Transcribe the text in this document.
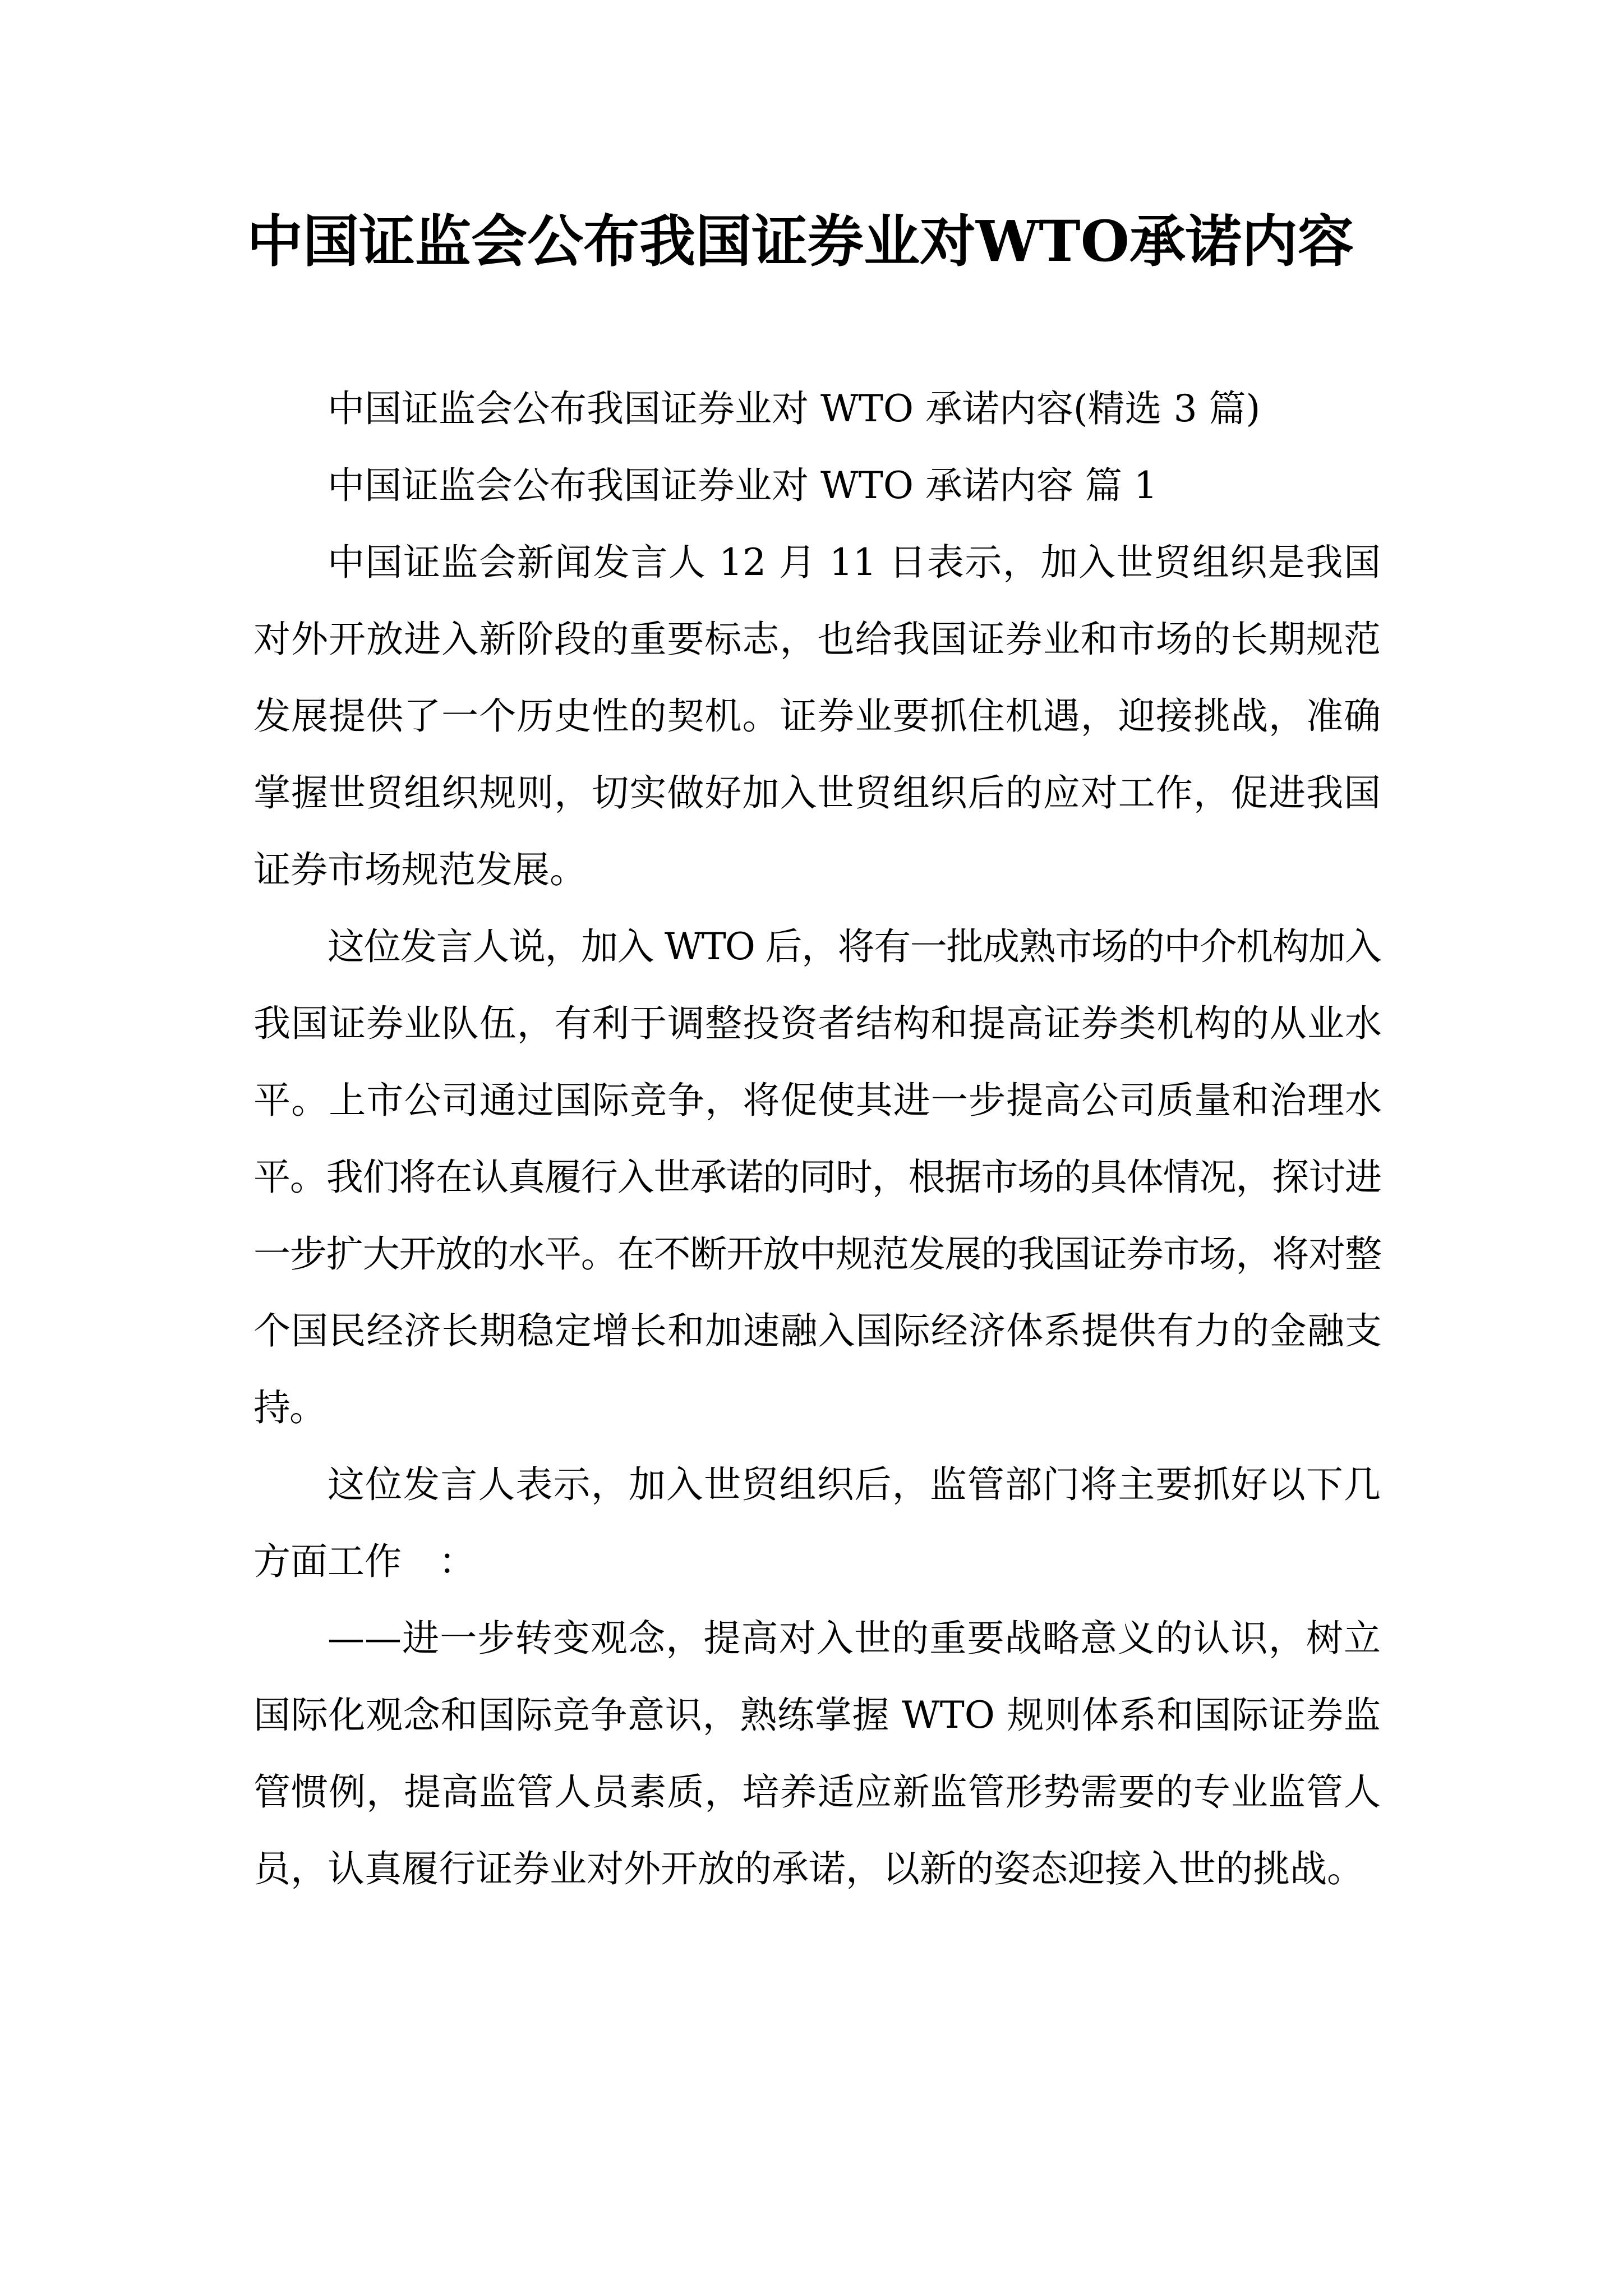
中国证监会公布我国证券业对WTO承诺内容

中国证监会公布我国证券业对 WTO 承诺内容(精选 3 篇)

中国证监会公布我国证券业对 WTO 承诺内容 篇 1

中国证监会新闻发言人 12 月 11 日表示，加入世贸组织是我国对外开放进入新阶段的重要标志，也给我国证券业和市场的长期规范发展提供了一个历史性的契机。证券业要抓住机遇，迎接挑战，准确掌握世贸组织规则，切实做好加入世贸组织后的应对工作，促进我国证券市场规范发展。

这位发言人说，加入 WTO 后，将有一批成熟市场的中介机构加入我国证券业队伍，有利于调整投资者结构和提高证券类机构的从业水平。上市公司通过国际竞争，将促使其进一步提高公司质量和治理水平。我们将在认真履行入世承诺的同时，根据市场的具体情况，探讨进一步扩大开放的水平。在不断开放中规范发展的我国证券市场，将对整个国民经济长期稳定增长和加速融入国际经济体系提供有力的金融支持。

这位发言人表示，加入世贸组织后，监管部门将主要抓好以下几方面工作　：

——进一步转变观念，提高对入世的重要战略意义的认识，树立国际化观念和国际竞争意识，熟练掌握 WTO 规则体系和国际证券监管惯例，提高监管人员素质，培养适应新监管形势需要的专业监管人员，认真履行证券业对外开放的承诺，以新的姿态迎接入世的挑战。
